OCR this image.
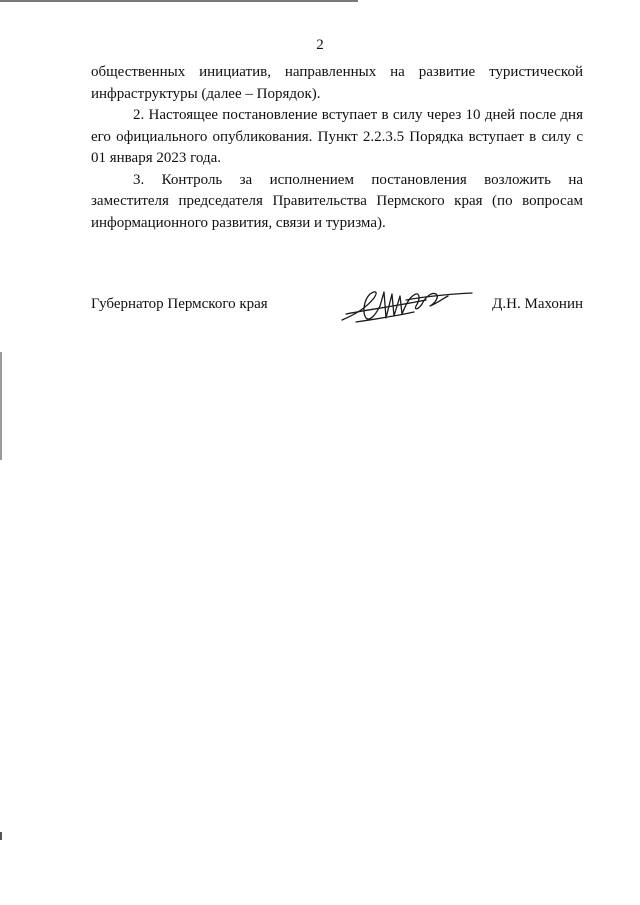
2

общественных инициатив, направленных на развитие туристической инфраструктуры (далее – Порядок).

2. Настоящее постановление вступает в силу через 10 дней после дня его официального опубликования. Пункт 2.2.3.5 Порядка вступает в силу с 01 января 2023 года.

3. Контроль за исполнением постановления возложить на заместителя председателя Правительства Пермского края (по вопросам информационного развития, связи и туризма).

Губернатор Пермского края	Д.Н. Махонин
